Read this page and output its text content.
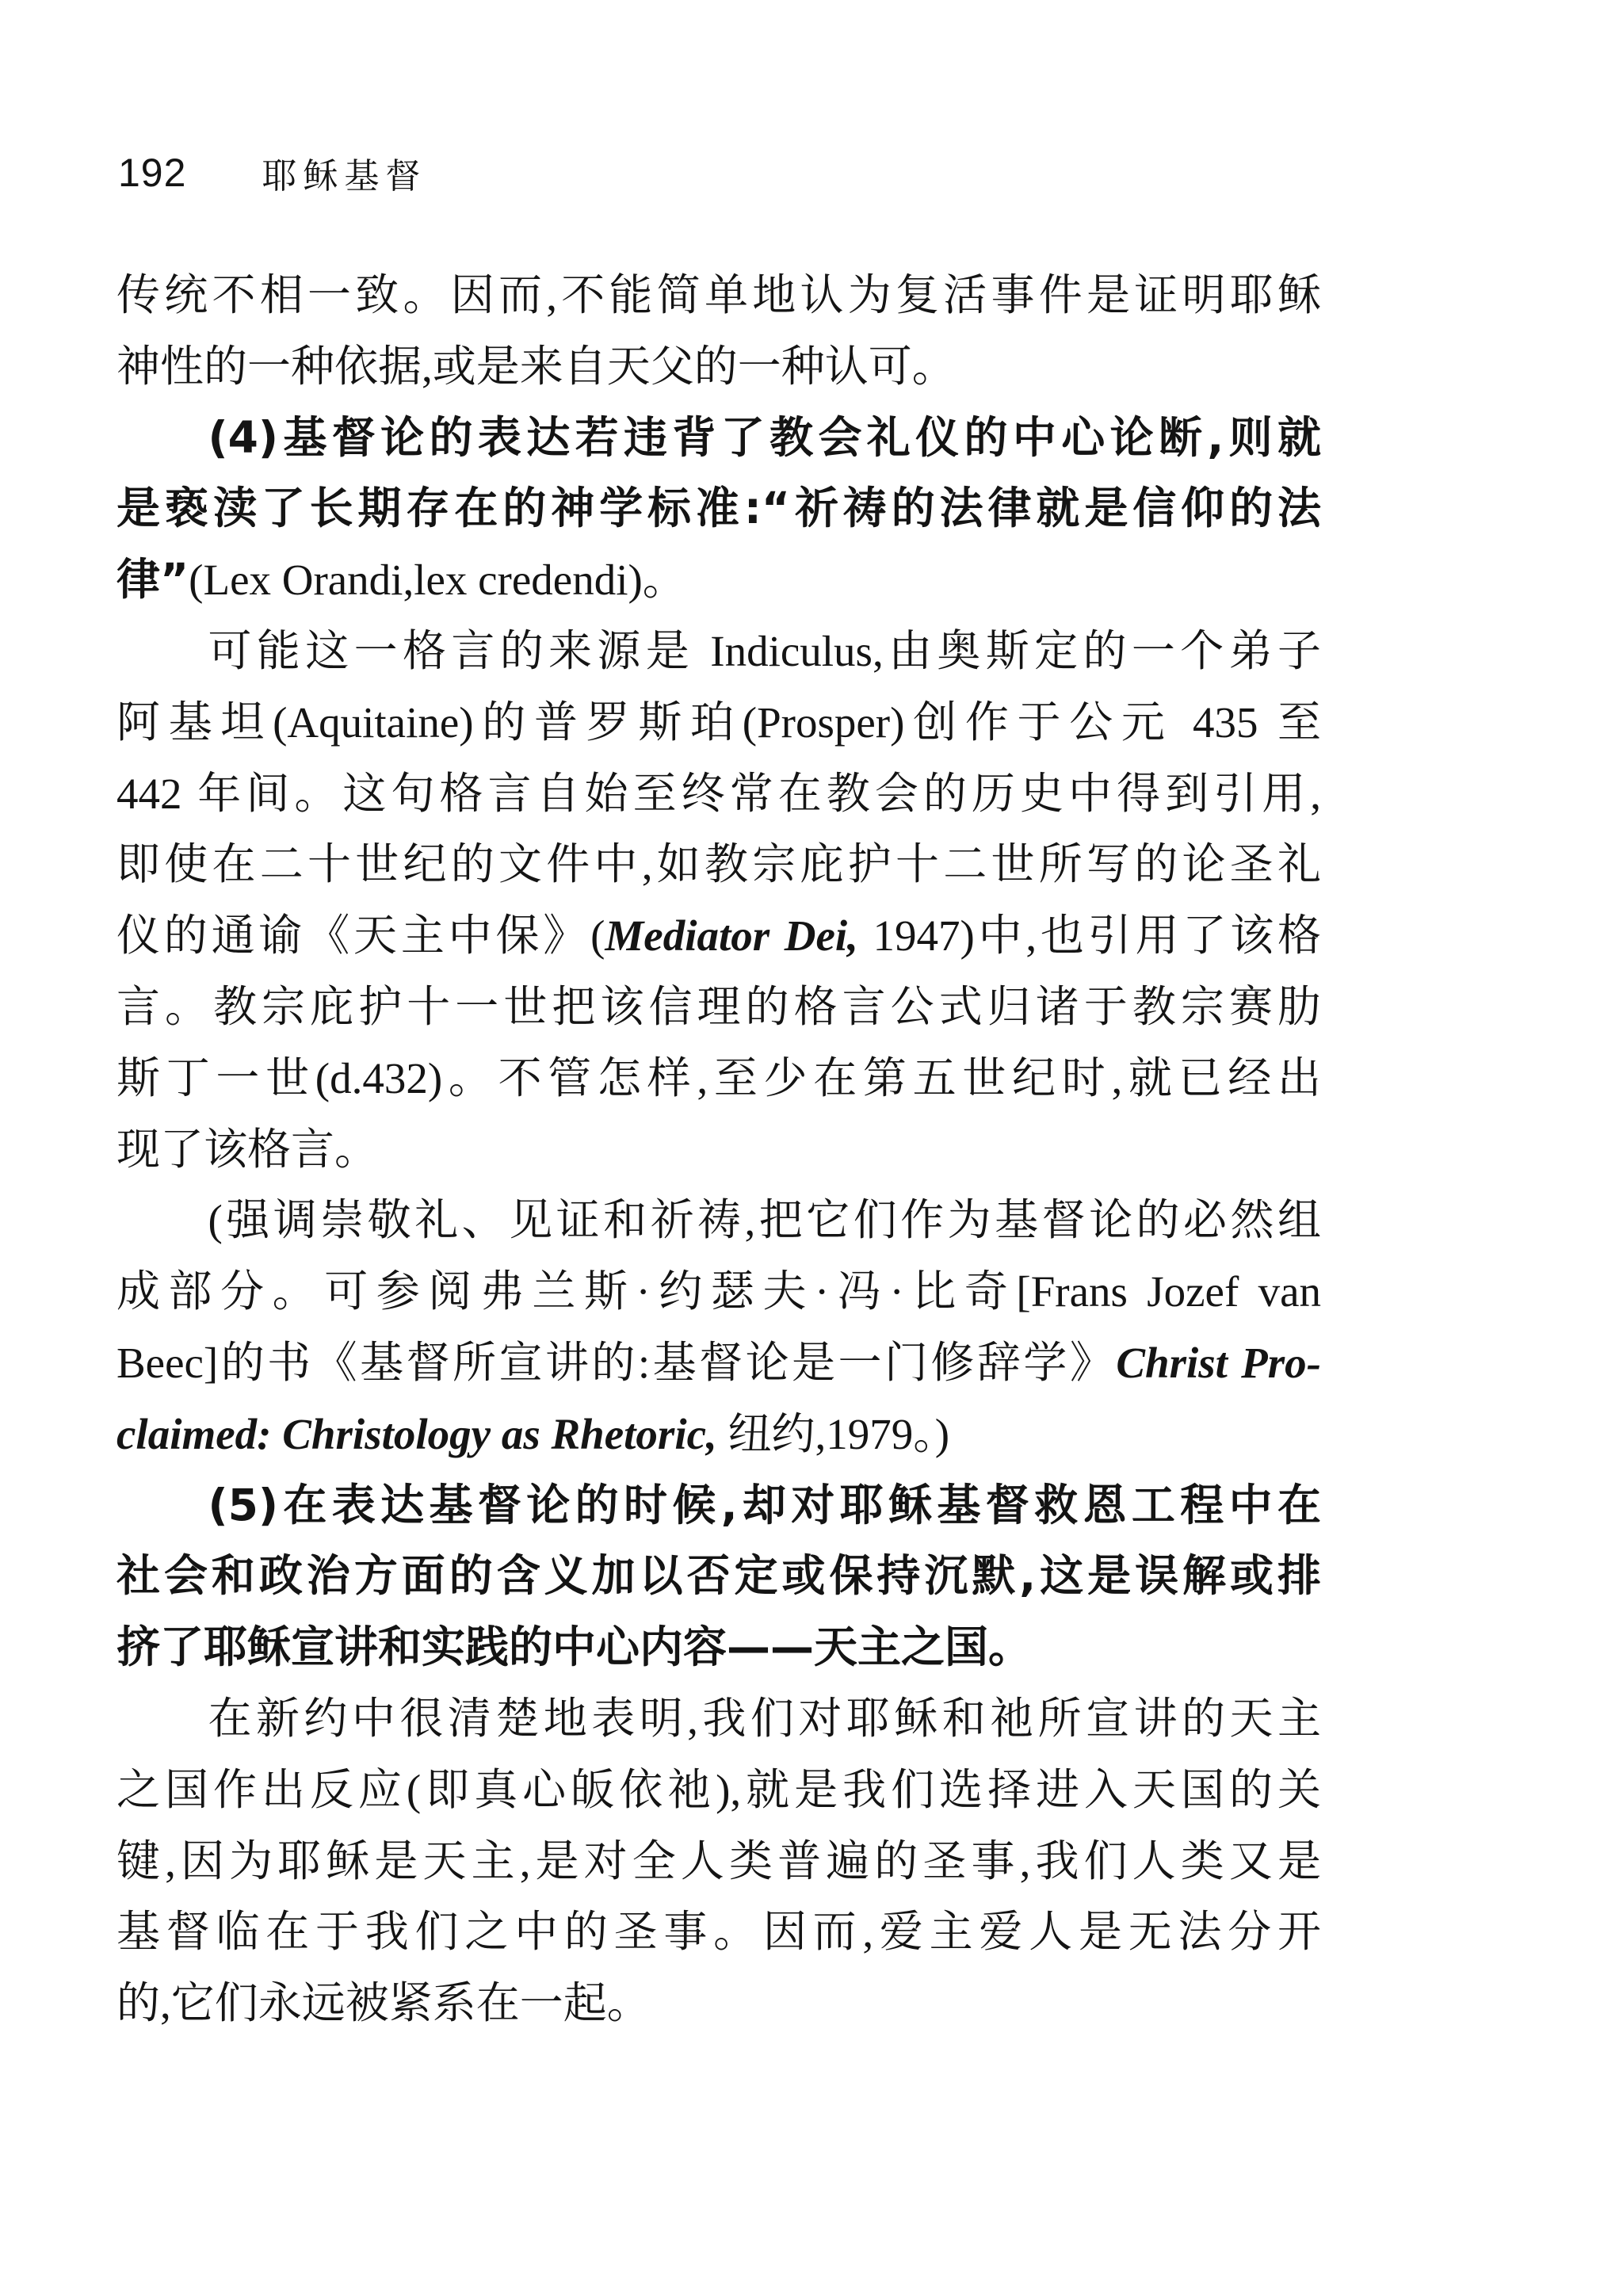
192 耶稣基督
传统不相一致。因而,不能简单地认为复活事件是证明耶稣
神性的一种依据,或是来自天父的一种认可。
(4)基督论的表达若违背了教会礼仪的中心论断,则就
是亵渎了长期存在的神学标准:“祈祷的法律就是信仰的法
律”(Lex Orandi,lex credendi)。
可能这一格言的来源是 Indiculus,由奥斯定的一个弟子
阿基坦(Aquitaine)的普罗斯珀(Prosper)创作于公元 435 至
442 年间。这句格言自始至终常在教会的历史中得到引用,
即使在二十世纪的文件中,如教宗庇护十二世所写的论圣礼
仪的通谕《天主中保》(Mediator Dei, 1947)中,也引用了该格
言。教宗庇护十一世把该信理的格言公式归诸于教宗赛肋
斯丁一世(d.432)。不管怎样,至少在第五世纪时,就已经出
现了该格言。
(强调崇敬礼、见证和祈祷,把它们作为基督论的必然组
成部分。可参阅弗兰斯·约瑟夫·冯·比奇[Frans Jozef van
Beec]的书《基督所宣讲的:基督论是一门修辞学》Christ Pro-
claimed: Christology as Rhetoric, 纽约,1979。)
(5)在表达基督论的时候,却对耶稣基督救恩工程中在
社会和政治方面的含义加以否定或保持沉默,这是误解或排
挤了耶稣宣讲和实践的中心内容——天主之国。
在新约中很清楚地表明,我们对耶稣和祂所宣讲的天主
之国作出反应(即真心皈依祂),就是我们选择进入天国的关
键,因为耶稣是天主,是对全人类普遍的圣事,我们人类又是
基督临在于我们之中的圣事。因而,爱主爱人是无法分开
的,它们永远被紧系在一起。
